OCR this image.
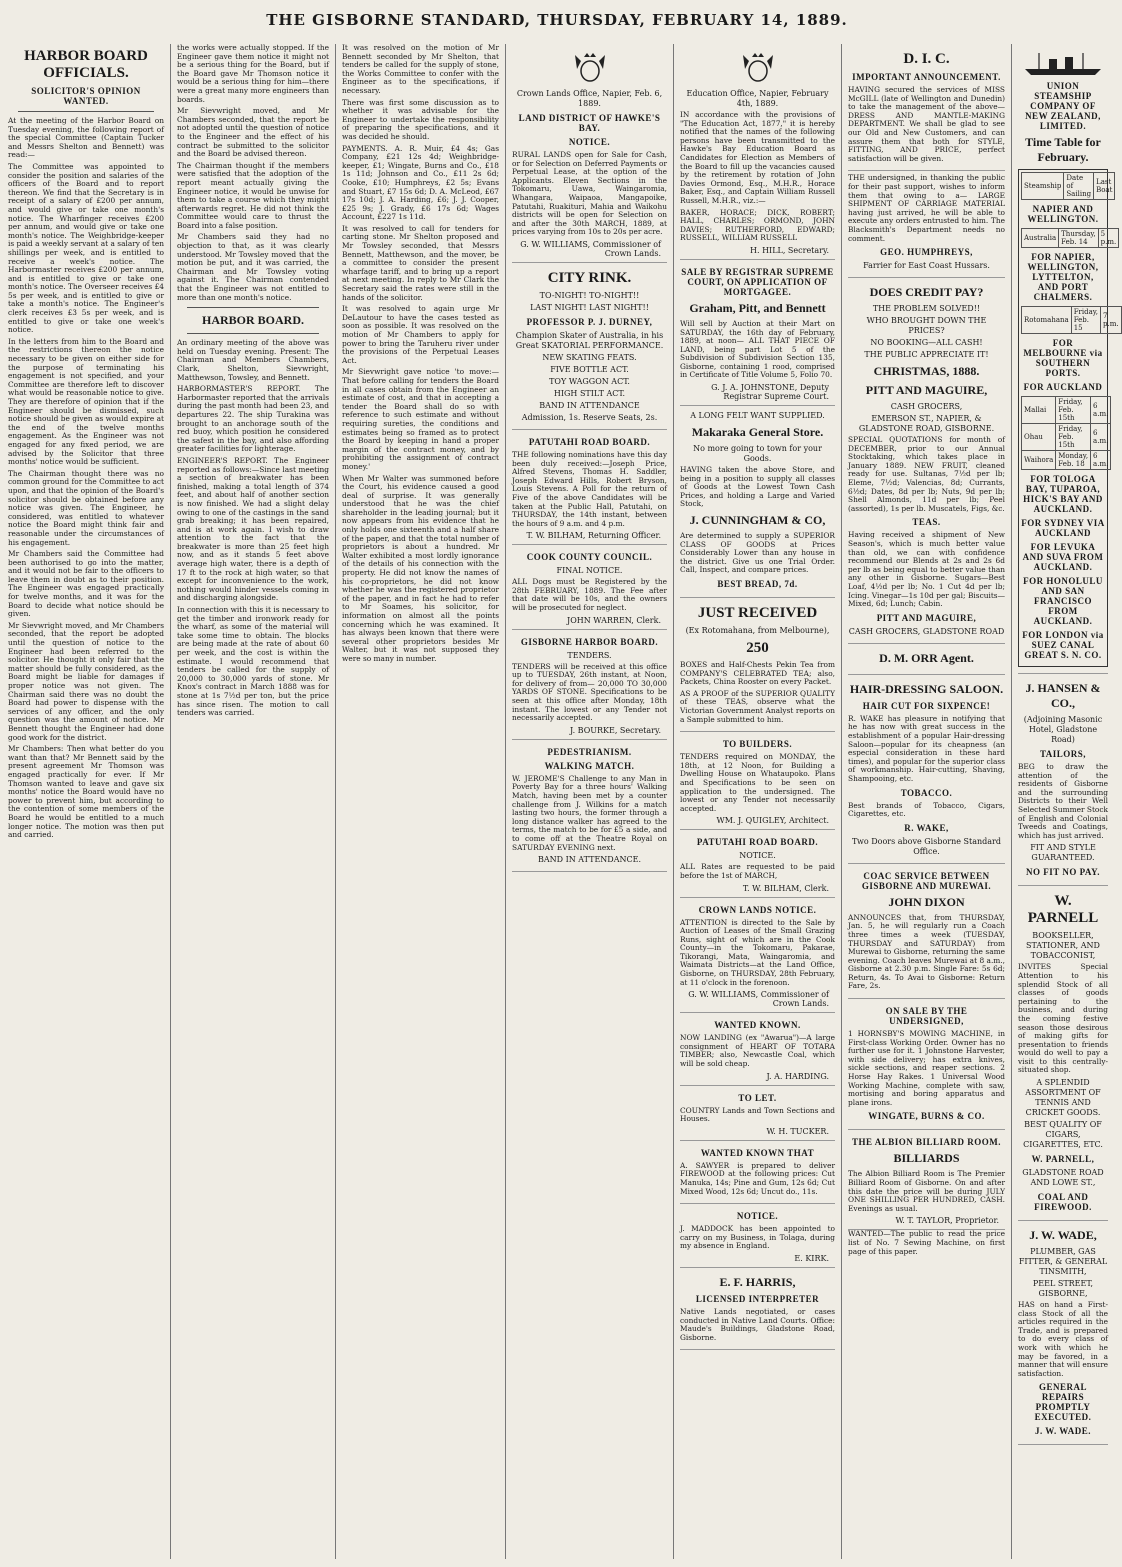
THE GISBORNE STANDARD, THURSDAY, FEBRUARY 14, 1889.
HARBOR BOARD OFFICIALS.
SOLICITOR'S OPINION WANTED.

At the meeting of the Harbor Board on Tuesday evening, the following report of the special Committee (Captain Tucker and Messrs Shelton and Bennett) was read:—

The Committee was appointed to consider the position and salaries of the officers of the Board and to report thereon. We find that the Secretary is in receipt of a salary of £200 per annum, and would give or take one month's notice. The Wharfinger receives £200 per annum, and would give or take one month's notice. The Weighbridge-keeper is paid a weekly servant at a salary of ten shillings per week, and is entitled to receive a week's notice. The Harbormaster receives £200 per annum, and is entitled to give or take one month's notice. The Overseer receives £4 5s per week, and is entitled to give or take a month's notice. The Engineer's clerk receives £3 5s per week, and is entitled to give or take one week's notice.

In the letters from him to the Board and the restrictions thereon the notice necessary to be given on either side for the purpose of terminating his engagement is not specified, and your Committee are therefore left to discover what would be reasonable notice to give. They are therefore of opinion that if the Engineer should be dismissed, such notice should be given as would expire at the end of the twelve months engagement. As the Engineer was not engaged for any fixed period, we are advised by the Solicitor that three months' notice would be sufficient.

The Chairman thought there was no common ground for the Committee to act upon, and that the opinion of the Board's solicitor should be obtained before any notice was given. The Engineer, he considered, was entitled to whatever notice the Board might think fair and reasonable under the circumstances of his engagement.

Mr Chambers said the Committee had been authorised to go into the matter, and it would not be fair to the officers to leave them in doubt as to their position. The Engineer was engaged practically for twelve months, and it was for the Board to decide what notice should be given.

Mr Sievwright moved, and Mr Chambers seconded, that the report be adopted until the question of notice to the Engineer had been referred to the solicitor. He thought it only fair that the matter should be fully considered, as the Board might be liable for damages if proper notice was not given. The Chairman said there was no doubt the Board had power to dispense with the services of any officer, and the only question was the amount of notice. Mr Bennett thought the Engineer had done good work for the district.

Mr Chambers: Then what better do you want than that? Mr Bennett said by the present agreement Mr Thomson was engaged practically for ever. If Mr Thomson wanted to leave and gave six months' notice the Board would have no power to prevent him, but according to the contention of some members of the Board he would be entitled to a much longer notice. The motion was then put and carried.

the works were actually stopped. If the Engineer gave them notice it might not be a serious thing for the Board, but if the Board gave Mr Thomson notice it would be a serious thing for him—there were a great many more engineers than boards.

Mr Sievwright moved, and Mr Chambers seconded, that the report be not adopted until the question of notice to the Engineer and the effect of his contract be submitted to the solicitor and the Board be advised thereon.

The Chairman thought if the members were satisfied that the adoption of the report meant actually giving the Engineer notice, it would be unwise for them to take a course which they might afterwards regret. He did not think the Committee would care to thrust the Board into a false position.

Mr Chambers said they had no objection to that, as it was clearly understood. Mr Towsley moved that the motion be put, and it was carried, the Chairman and Mr Towsley voting against it. The Chairman contended that the Engineer was not entitled to more than one month's notice.

HARBOR BOARD.

An ordinary meeting of the above was held on Tuesday evening. Present: The Chairman and Members Chambers, Clark, Shelton, Sievwright, Matthewson, Towsley, and Bennett.

HARBORMASTER'S REPORT. The Harbormaster reported that the arrivals during the past month had been 23, and departures 22. The ship Turakina was brought to an anchorage south of the red buoy, which position he considered the safest in the bay, and also affording greater facilities for lighterage.

ENGINEER'S REPORT. The Engineer reported as follows:—Since last meeting a section of breakwater has been finished, making a total length of 374 feet, and about half of another section is now finished. We had a slight delay owing to one of the castings in the sand grab breaking; it has been repaired, and is at work again. I wish to draw attention to the fact that the breakwater is more than 25 feet high now, and as it stands 5 feet above average high water, there is a depth of 17 ft to the rock at high water, so that except for inconvenience to the work, nothing would hinder vessels coming in and discharging alongside.

In connection with this it is necessary to get the timber and ironwork ready for the wharf, as some of the material will take some time to obtain. The blocks are being made at the rate of about 60 per week, and the cost is within the estimate. I would recommend that tenders be called for the supply of 20,000 to 30,000 yards of stone. Mr Knox's contract in March 1888 was for stone at 1s 7½d per ton, but the price has since risen. The motion to call tenders was carried.

It was resolved on the motion of Mr Bennett seconded by Mr Shelton, that tenders be called for the supply of stone, the Works Committee to confer with the Engineer as to the specifications, if necessary.

There was first some discussion as to whether it was advisable for the Engineer to undertake the responsibility of preparing the specifications, and it was decided he should.

PAYMENTS. A. R. Muir, £4 4s; Gas Company, £21 12s 4d; Weighbridge-keeper, £1; Wingate, Burns and Co., £18 1s 11d; Johnson and Co., £11 2s 6d; Cooke, £10; Humphreys, £2 5s; Evans and Stuart, £7 15s 6d; D. A. McLeod, £67 17s 10d; J. A. Harding, £6; J. J. Cooper, £25 9s; J. Grady, £6 17s 6d; Wages Account, £227 1s 11d.

It was resolved to call for tenders for carting stone. Mr Shelton proposed and Mr Towsley seconded, that Messrs Bennett, Matthewson, and the mover, be a committee to consider the present wharfage tariff, and to bring up a report at next meeting. In reply to Mr Clark the Secretary said the rates were still in the hands of the solicitor.

It was resolved to again urge Mr DeLautour to have the cases tested as soon as possible. It was resolved on the motion of Mr Chambers to apply for power to bring the Taruheru river under the provisions of the Perpetual Leases Act.

Mr Sievwright gave notice 'to move:—That before calling for tenders the Board in all cases obtain from the Engineer an estimate of cost, and that in accepting a tender the Board shall do so with reference to such estimate and without requiring sureties, the conditions and estimates being so framed as to protect the Board by keeping in hand a proper margin of the contract money, and by prohibiting the assignment of contract money.'

When Mr Walter was summoned before the Court, his evidence caused a good deal of surprise. It was generally understood that he was the chief shareholder in the leading journal; but it now appears from his evidence that he only holds one sixteenth and a half share of the paper, and that the total number of proprietors is about a hundred. Mr Walter exhibited a most lordly ignorance of the details of his connection with the property. He did not know the names of his co-proprietors, he did not know whether he was the registered proprietor of the paper, and in fact he had to refer to Mr Soames, his solicitor, for information on almost all the points concerning which he was examined. It has always been known that there were several other proprietors besides Mr Walter, but it was not supposed they were so many in number.

Crown Lands Office, Napier, Feb. 6, 1889.
LAND DISTRICT OF HAWKE'S BAY.
NOTICE.

RURAL LANDS open for Sale for Cash, or for Selection on Deferred Payments or Perpetual Lease, at the option of the Applicants. Eleven Sections in the Tokomaru, Uawa, Waingaromia, Whangara, Waipaoa, Mangapoike, Patutahi, Ruakituri, Mahia and Waikohu districts will be open for Selection on and after the 30th MARCH, 1889, at prices varying from 10s to 20s per acre.

G. W. WILLIAMS, Commissioner of Crown Lands.
CITY RINK.
TO-NIGHT! TO-NIGHT!!
LAST NIGHT! LAST NIGHT!!
PROFESSOR P. J. DURNEY,
Champion Skater of Australia, in his Great SKATORIAL PERFORMANCE.
NEW SKATING FEATS.
FIVE BOTTLE ACT.
TOY WAGGON ACT.
HIGH STILT ACT.
BAND IN ATTENDANCE
Admission, 1s. Reserve Seats, 2s.
PATUTAHI ROAD BOARD.

THE following nominations have this day been duly received:—Joseph Price, Alfred Stevens, Thomas H. Saddler, Joseph Edward Hills, Robert Bryson, Louis Stevens. A Poll for the return of Five of the above Candidates will be taken at the Public Hall, Patutahi, on THURSDAY, the 14th instant, between the hours of 9 a.m. and 4 p.m.

T. W. BILHAM, Returning Officer.
COOK COUNTY COUNCIL.
FINAL NOTICE.

ALL Dogs must be Registered by the 28th FEBRUARY, 1889. The Fee after that date will be 10s, and the owners will be prosecuted for neglect.

JOHN WARREN, Clerk.
GISBORNE HARBOR BOARD.
TENDERS.

TENDERS will be received at this office up to TUESDAY, 26th instant, at Noon, for delivery of from— 20,000 TO 30,000 YARDS OF STONE. Specifications to be seen at this office after Monday, 18th instant. The lowest or any Tender not necessarily accepted.

J. BOURKE, Secretary.
PEDESTRIANISM.
WALKING MATCH.

W. JEROME'S Challenge to any Man in Poverty Bay for a three hours' Walking Match, having been met by a counter challenge from J. Wilkins for a match lasting two hours, the former through a long distance walker has agreed to the terms, the match to be for £5 a side, and to come off at the Theatre Royal on SATURDAY EVENING next.

BAND IN ATTENDANCE.
Education Office, Napier, February 4th, 1889.

IN accordance with the provisions of "The Education Act, 1877," it is hereby notified that the names of the following persons have been transmitted to the Hawke's Bay Education Board as Candidates for Election as Members of the Board to fill up the vacancies caused by the retirement by rotation of John Davies Ormond, Esq., M.H.R., Horace Baker, Esq., and Captain William Russell Russell, M.H.R., viz.:—

BAKER, HORACE; DICK, ROBERT; HALL, CHARLES; ORMOND, JOHN DAVIES; RUTHERFORD, EDWARD; RUSSELL, WILLIAM RUSSELL

H. HILL, Secretary.
SALE BY REGISTRAR SUPREME COURT, ON APPLICATION OF MORTGAGEE.
Graham, Pitt, and Bennett

Will sell by Auction at their Mart on SATURDAY, the 16th day of February, 1889, at noon— ALL THAT PIECE OF LAND, being part Lot 5 of the Subdivision of Subdivision Section 135, Gisborne, containing 1 rood, comprised in Certificate of Title Volume 5, Folio 70.

G. J. A. JOHNSTONE, Deputy Registrar Supreme Court.
A LONG FELT WANT SUPPLIED.
Makaraka General Store.
No more going to town for your Goods.

HAVING taken the above Store, and being in a position to supply all classes of Goods at the Lowest Town Cash Prices, and holding a Large and Varied Stock,

J. CUNNINGHAM & CO,

Are determined to supply a SUPERIOR CLASS OF GOODS at Prices Considerably Lower than any house in the district. Give us one Trial Order. Call, Inspect, and compare prices.

BEST BREAD, 7d.
JUST RECEIVED
(Ex Rotomahana, from Melbourne),
250

BOXES and Half-Chests Pekin Tea from COMPANY'S CELEBRATED TEA; also, Packets, China Rooster on every Packet.

AS A PROOF of the SUPERIOR QUALITY of these TEAS, observe what the Victorian Government Analyst reports on a Sample submitted to him.

TO BUILDERS.

TENDERS required on MONDAY, the 18th, at 12 Noon, for Building a Dwelling House on Whataupoko. Plans and Specifications to be seen on application to the undersigned. The lowest or any Tender not necessarily accepted.

WM. J. QUIGLEY, Architect.
PATUTAHI ROAD BOARD.
NOTICE.

ALL Rates are requested to be paid before the 1st of MARCH,

T. W. BILHAM, Clerk.
CROWN LANDS NOTICE.

ATTENTION is directed to the Sale by Auction of Leases of the Small Grazing Runs, sight of which are in the Cook County—in the Tokomaru, Pakarae, Tikorangi, Mata, Waingaromia, and Waimata Districts—at the Land Office, Gisborne, on THURSDAY, 28th February, at 11 o'clock in the forenoon.

G. W. WILLIAMS, Commissioner of Crown Lands.
WANTED KNOWN.

NOW LANDING (ex "Awarua")—A large consignment of HEART OF TOTARA TIMBER; also, Newcastle Coal, which will be sold cheap.

J. A. HARDING.
TO LET.

COUNTRY Lands and Town Sections and Houses.

W. H. TUCKER.
WANTED KNOWN THAT

A. SAWYER is prepared to deliver FIREWOOD at the following prices: Cut Manuka, 14s; Pine and Gum, 12s 6d; Cut Mixed Wood, 12s 6d; Uncut do., 11s.

NOTICE.

J. MADDOCK has been appointed to carry on my Business, in Tolaga, during my absence in England.

E. KIRK.
E. F. HARRIS,
LICENSED INTERPRETER

Native Lands negotiated, or cases conducted in Native Land Courts. Office: Maude's Buildings, Gladstone Road, Gisborne.

D. I. C.
IMPORTANT ANNOUNCEMENT.

HAVING secured the services of MISS McGILL (late of Wellington and Dunedin) to take the management of the above— DRESS AND MANTLE-MAKING DEPARTMENT. We shall be glad to see our Old and New Customers, and can assure them that both for STYLE, FITTING, AND PRICE, perfect satisfaction will be given.

THE undersigned, in thanking the public for their past support, wishes to inform them that owing to a— LARGE SHIPMENT OF CARRIAGE MATERIAL having just arrived, he will be able to execute any orders entrusted to him. The Blacksmith's Department needs no comment.

GEO. HUMPHREYS,
Farrier for East Coast Hussars.
DOES CREDIT PAY?
THE PROBLEM SOLVED!!
WHO BROUGHT DOWN THE PRICES?
NO BOOKING—ALL CASH!
THE PUBLIC APPRECIATE IT!
CHRISTMAS, 1888.
PITT AND MAGUIRE,
CASH GROCERS,
EMERSON ST., NAPIER, & GLADSTONE ROAD, GISBORNE.

SPECIAL QUOTATIONS for month of DECEMBER, prior to our Annual Stocktaking, which takes place in January 1889. NEW FRUIT, cleaned ready for use. Sultanas, 7½d per lb; Eleme, 7½d; Valencias, 8d; Currants, 6½d; Dates, 8d per lb; Nuts, 9d per lb; Shell Almonds, 11d per lb; Peel (assorted), 1s per lb. Muscatels, Figs, &c.

TEAS.

Having received a shipment of New Season's, which is much better value than old, we can with confidence recommend our Blends at 2s and 2s 6d per lb as being equal to better value than any other in Gisborne. Sugars—Best Loaf, 4½d per lb; No. 1 Cut 4d per lb; Icing. Vinegar—1s 10d per gal; Biscuits—Mixed, 6d; Lunch; Cabin.

PITT AND MAGUIRE,
CASH GROCERS, GLADSTONE ROAD
D. M. ORR Agent.
HAIR-DRESSING SALOON.
HAIR CUT FOR SIXPENCE!

R. WAKE has pleasure in notifying that he has now with great success in the establishment of a popular Hair-dressing Saloon—popular for its cheapness (an especial consideration in these hard times), and popular for the superior class of workmanship. Hair-cutting, Shaving, Shampooing, etc.

TOBACCO.

Best brands of Tobacco, Cigars, Cigarettes, etc.

R. WAKE,
Two Doors above Gisborne Standard Office.
COAC SERVICE BETWEEN GISBORNE AND MUREWAI.
JOHN DIXON

ANNOUNCES that, from THURSDAY, Jan. 5, he will regularly run a Coach three times a week (TUESDAY, THURSDAY and SATURDAY) from Murewai to Gisborne, returning the same evening. Coach leaves Murewai at 8 a.m., Gisborne at 2.30 p.m. Single Fare: 5s 6d; Return, 4s. To Avai to Gisborne: Return Fare, 2s.

ON SALE BY THE UNDERSIGNED,

1 HORNSBY'S MOWING MACHINE, in First-class Working Order. Owner has no further use for it. 1 Johnstone Harvester, with side delivery; has extra knives, sickle sections, and reaper sections. 2 Horse Hay Rakes. 1 Universal Wood Working Machine, complete with saw, mortising and boring apparatus and plane irons.

WINGATE, BURNS & CO.
THE ALBION BILLIARD ROOM.
BILLIARDS

The Albion Billiard Room is The Premier Billiard Room of Gisborne. On and after this date the price will be during JULY ONE SHILLING PER HUNDRED, CASH. Evenings as usual.

W. T. TAYLOR, Proprietor.

WANTED—The public to read the price list of No. 7 Sewing Machine, on first page of this paper.

UNION STEAMSHIP COMPANY OF NEW ZEALAND, LIMITED.
Time Table for February.
Steamship	Date of Sailing	Last Boat
NAPIER AND WELLINGTON.
Australia	Thursday, Feb. 14	5 p.m.
FOR NAPIER, WELLINGTON, LYTTELTON, AND PORT CHALMERS.
Rotomahana	Friday, Feb. 15	7 p.m.
FOR MELBOURNE via SOUTHERN PORTS.
FOR AUCKLAND
Mallai	Friday, Feb. 15th	6 a.m.
Ohau	Friday, Feb. 15th	6 a.m.
Waihora	Monday, Feb. 18	6 a.m.
FOR TOLOGA BAY, TUPAROA, HICK'S BAY AND AUCKLAND.
FOR SYDNEY VIA AUCKLAND
FOR LEVUKA AND SUVA FROM AUCKLAND.
FOR HONOLULU AND SAN FRANCISCO FROM AUCKLAND.
FOR LONDON via SUEZ CANAL GREAT S. N. CO.
J. HANSEN & CO.,
(Adjoining Masonic Hotel, Gladstone Road)
TAILORS,

BEG to draw the attention of the residents of Gisborne and the surrounding Districts to their Well Selected Summer Stock of English and Colonial Tweeds and Coatings, which has just arrived.

FIT AND STYLE GUARANTEED.
NO FIT NO PAY.
W. PARNELL
BOOKSELLER, STATIONER, AND TOBACCONIST,

INVITES Special Attention to his splendid Stock of all classes of goods pertaining to the business, and during the coming festive season those desirous of making gifts for presentation to friends would do well to pay a visit to this centrally-situated shop.

A SPLENDID ASSORTMENT OF TENNIS AND CRICKET GOODS.
BEST QUALITY OF CIGARS, CIGARETTES, ETC.
W. PARNELL,
GLADSTONE ROAD AND LOWE ST.,
COAL AND FIREWOOD.
J. W. WADE,
PLUMBER, GAS FITTER, & GENERAL TINSMITH,
PEEL STREET, GISBORNE,

HAS on hand a First-class Stock of all the articles required in the Trade, and is prepared to do every class of work with which he may be favored, in a manner that will ensure satisfaction.

GENERAL REPAIRS PROMPTLY EXECUTED.
J. W. WADE.
